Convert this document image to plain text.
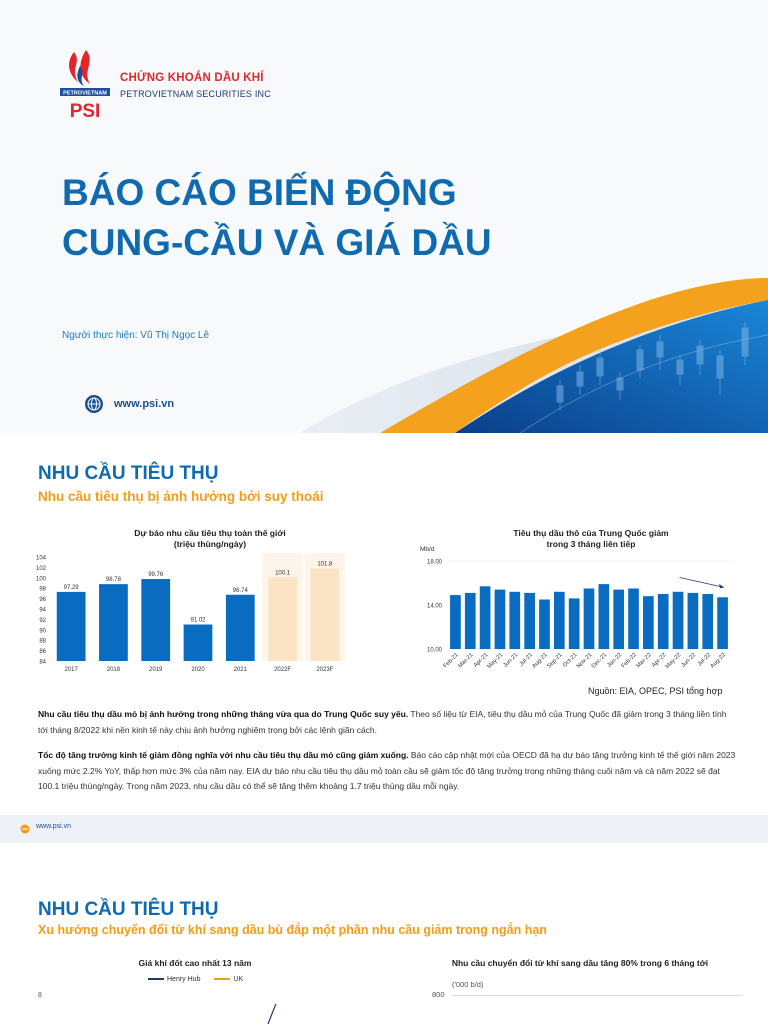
PETROVIETNAM
PSI
CHỨNG KHOÁN DẦU KHÍ
PETROVIETNAM SECURITIES INC
BÁO CÁO BIẾN ĐỘNG
CUNG-CẦU VÀ GIÁ DẦU
Người thực hiện: Vũ Thị Ngọc Lê
www.psi.vn
NHU CẦU TIÊU THỤ
Nhu cầu tiêu thụ bị ảnh hưởng bởi suy thoái
Dự báo nhu cầu tiêu thụ toàn thế giới
(triệu thùng/ngày)
84
86
88
90
92
94
96
98
100
102
104
97.29
2017
98.78
2018
99.76
2019
91.02
2020
96.74
2021
100.1
2022F
101.8
2023F
Tiêu thụ dầu thô của Trung Quốc giảm
trong 3 tháng liên tiếp
Mb/d
10.00
14.00
18.00
Feb-21
Mar-21
Apr-21
May-21
Jun-21 Jul-21
Aug-21
Sep-21
Oct-21
Nov-21
Dec-21
Jan-22
Feb-22
Mar-22
Apr-22
May-22
Jun-22 Jul-22
Aug-22
Nguồn: EIA, OPEC, PSI tổng hợp

Nhu cầu tiêu thụ dầu mỏ bị ảnh hưởng trong những tháng vừa qua do Trung Quốc suy yếu. Theo số liệu từ EIA, tiêu thụ dầu mỏ của Trung Quốc đã giảm trong 3 tháng liền tính tới tháng 8/2022 khi nền kinh tế này chịu ảnh hưởng nghiêm trọng bởi các lệnh giãn cách.

Tốc độ tăng trưởng kinh tế giảm đồng nghĩa với nhu cầu tiêu thụ dầu mỏ cũng giảm xuống. Báo cáo cập nhật mới của OECD đã hạ dự báo tăng trưởng kinh tế thế giới năm 2023 xuống mức 2.2% YoY, thấp hơn mức 3% của năm nay. EIA dự báo nhu cầu tiêu thụ dầu mỏ toàn cầu sẽ giảm tốc độ tăng trưởng trong những tháng cuối năm và cả năm 2022 sẽ đạt 100.1 triệu thùng/ngày. Trong năm 2023, nhu cầu dầu có thể sẽ tăng thêm khoảng 1.7 triệu thùng dầu mỗi ngày.

www.psi.vn
NHU CẦU TIÊU THỤ
Xu hướng chuyển đổi từ khí sang dầu bù đắp một phần nhu cầu giảm trong ngắn hạn
Giá khí đốt cao nhất 13 năm
Henry Hub	UK
8
Nhu cầu chuyển đổi từ khí sang dầu tăng 80% trong 6 tháng tới
('000 b/d)
800
